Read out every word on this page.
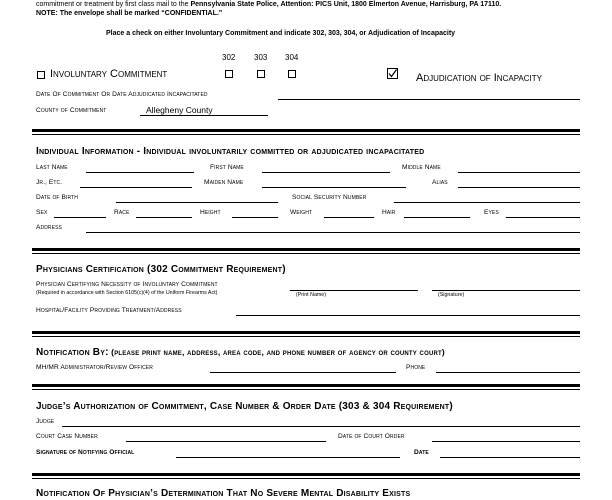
commitment or treatment by first class mail to the Pennsylvania State Police, Attention: PICS Unit, 1800 Elmerton Avenue, Harrisburg, PA 17110.
NOTE: The envelope shall be marked “CONFIDENTIAL.”
Place a check on either Involuntary Commitment and indicate 302, 303, 304, or Adjudication of Incapacity
302 303 304
Involuntary Commitment	Adjudication of Incapacity
Date Of Commitment Or Date Adjudicated Incapacitated
County of Commitment	Allegheny County
Individual Information - Individual involuntarily committed or adjudicated incapacitated
Last Name	First Name	Middle Name
Jr., Etc.	Maiden Name	Alias
Date of Birth	Social Security Number
Sex	Race	Height	Weight	Hair	Eyes
Address
Physicians Certification (302 Commitment Requirement)
Physician Certifying Necessity of Involuntary Commitment
(Required in accordance with Section 6105(c)(4) of the Uniform Firearms Act)	(Print Name)	(Signature)
Hospital/Facility Providing Treatment/Address
Notification By: (please print name, address, area code, and phone number of agency or county court)
MH/MR Administrator/Review Officer	Phone
Judge’s Authorization of Commitment, Case Number & Order Date (303 & 304 Requirement)
Judge
Court Case Number	Date of Court Order
Signature of Notifying Official	Date
Notification Of Physician’s Determination That No Severe Mental Disability Exists
